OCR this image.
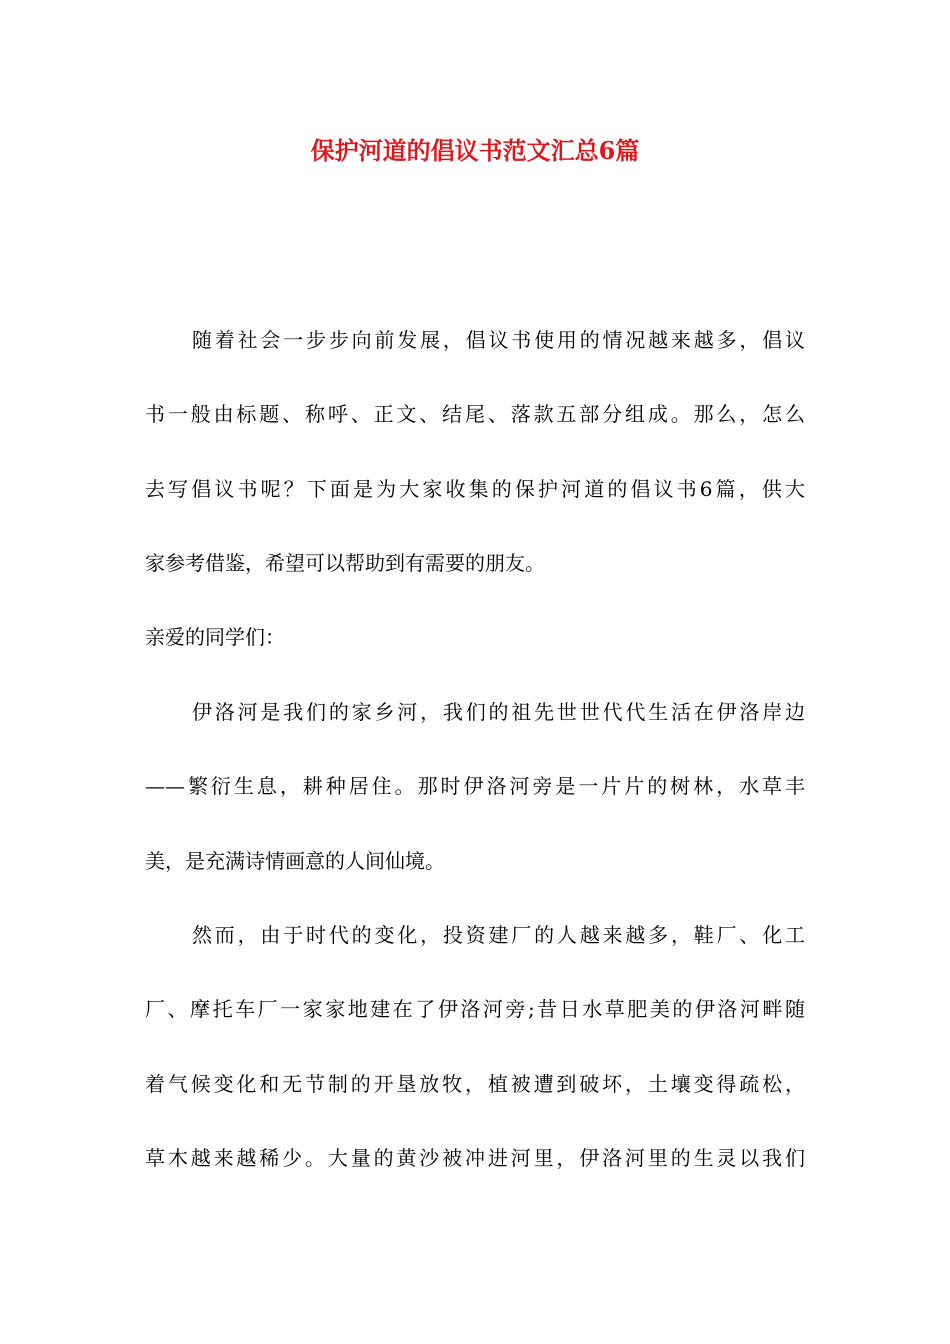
保护河道的倡议书范文汇总6篇

随着社会一步步向前发展，倡议书使用的情况越来越多，倡议

书一般由标题、称呼、正文、结尾、落款五部分组成。那么，怎么

去写倡议书呢？下面是为大家收集的保护河道的倡议书6篇，供大

家参考借鉴，希望可以帮助到有需要的朋友。

亲爱的同学们：

伊洛河是我们的家乡河，我们的祖先世世代代生活在伊洛岸边

——繁衍生息，耕种居住。那时伊洛河旁是一片片的树林，水草丰

美，是充满诗情画意的人间仙境。

然而，由于时代的变化，投资建厂的人越来越多，鞋厂、化工

厂、摩托车厂一家家地建在了伊洛河旁;昔日水草肥美的伊洛河畔随

着气候变化和无节制的开垦放牧，植被遭到破坏，土壤变得疏松，

草木越来越稀少。大量的黄沙被冲进河里，伊洛河里的生灵以我们
